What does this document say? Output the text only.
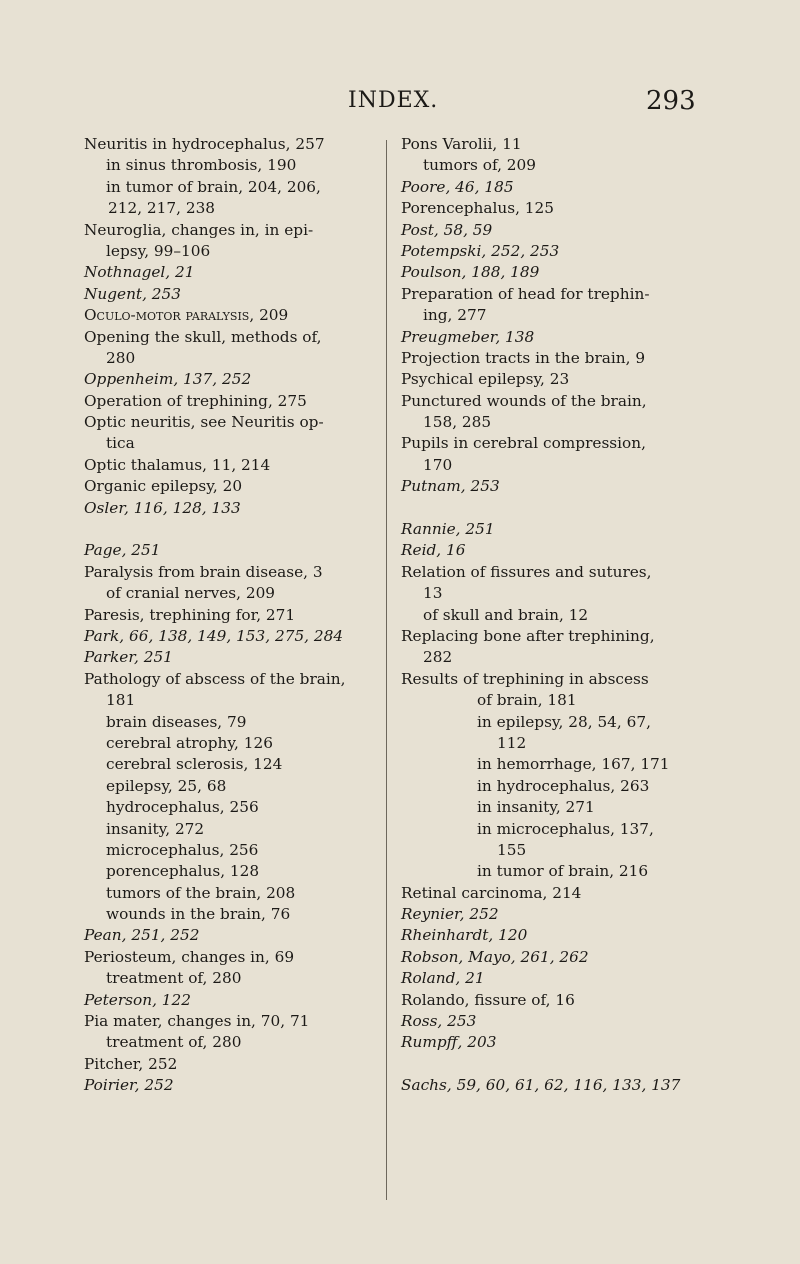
INDEX.	293
Neuritis in hydrocephalus, 257
in sinus thrombosis, 190
in tumor of brain, 204, 206,
212, 217, 238
Neuroglia, changes in, in epi-
lepsy, 99–106
Nothnagel, 21
Nugent, 253
Oculo-motor paralysis, 209
Opening the skull, methods of,
280
Oppenheim, 137, 252
Operation of trephining, 275
Optic neuritis, see Neuritis op-
tica
Optic thalamus, 11, 214
Organic epilepsy, 20
Osler, 116, 128, 133
Page, 251
Paralysis from brain disease, 3
of cranial nerves, 209
Paresis, trephining for, 271
Park, 66, 138, 149, 153, 275, 284
Parker, 251
Pathology of abscess of the brain,
181
brain diseases, 79
cerebral atrophy, 126
cerebral sclerosis, 124
epilepsy, 25, 68
hydrocephalus, 256
insanity, 272
microcephalus, 256
porencephalus, 128
tumors of the brain, 208
wounds in the brain, 76
Pean, 251, 252
Periosteum, changes in, 69
treatment of, 280
Peterson, 122
Pia mater, changes in, 70, 71
treatment of, 280
Pitcher, 252
Poirier, 252
Pons Varolii, 11
tumors of, 209
Poore, 46, 185
Porencephalus, 125
Post, 58, 59
Potempski, 252, 253
Poulson, 188, 189
Preparation of head for trephin-
ing, 277
Preugmeber, 138
Projection tracts in the brain, 9
Psychical epilepsy, 23
Punctured wounds of the brain,
158, 285
Pupils in cerebral compression,
170
Putnam, 253
Rannie, 251
Reid, 16
Relation of fissures and sutures,
13
of skull and brain, 12
Replacing bone after trephining,
282
Results of trephining in abscess
of brain, 181
in epilepsy, 28, 54, 67,
112
in hemorrhage, 167, 171
in hydrocephalus, 263
in insanity, 271
in microcephalus, 137,
155
in tumor of brain, 216
Retinal carcinoma, 214
Reynier, 252
Rheinhardt, 120
Robson, Mayo, 261, 262
Roland, 21
Rolando, fissure of, 16
Ross, 253
Rumpff, 203
Sachs, 59, 60, 61, 62, 116, 133, 137
